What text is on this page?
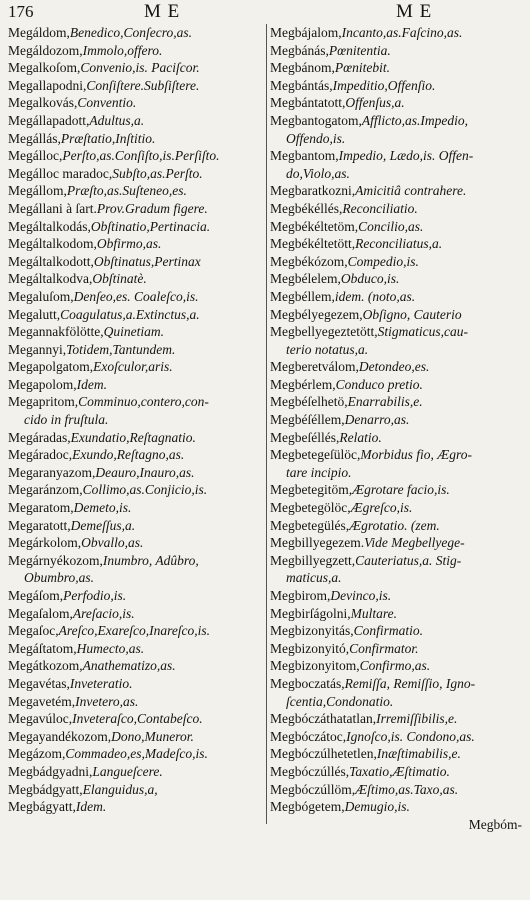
176	M E	M E
Megáldom,Benedico,Conſecro,as.
Megáldozom,Immolo,offero.
Megalkoſom,Convenio,is. Paciſcor.
Megallapodni,Conſiſtere.Subſiſtere.
Megalkovás,Conventio.
Megállapadott,Adultus,a.
Megállás,Præſtatio,Inſtitio.
Megálloc,Perſto,as.Conſiſto,is.Perſiſto.
Megálloc maradoc,Subſto,as.Perſto.
Megállom,Præſto,as.Suſteneo,es.
Megállani à ſart.Prov.Gradum figere.
Megáltalkodás,Obſtinatio,Pertinacia.
Megáltalkodom,Obfirmo,as.
Megáltalkodott,Obſtinatus,Pertinax
Megáltalkodva,Obſtinatè.
Megaluſom,Denſeo,es. Coaleſco,is.
Megalutt,Coagulatus,a.Extinctus,a.
Megannakfölötte,Quinetiam.
Megannyi,Totidem,Tantundem.
Megapolgatom,Exoſculor,aris.
Megapolom,Idem.
Megapritom,Comminuo,contero,con-
cido in fruſtula.
Megáradas,Exundatio,Reſtagnatio.
Megáradoc,Exundo,Reſtagno,as.
Megaranyazom,Deauro,Inauro,as.
Megaránzom,Collimo,as.Conjicio,is.
Megaratom,Demeto,is.
Megaratott,Demeſſus,a.
Megárkolom,Obvallo,as.
Megárnyékozom,Inumbro, Adûbro,
Obumbro,as.
Megáſom,Perfodio,is.
Megaſalom,Areſacio,is.
Megaſoc,Areſco,Exareſco,Inareſco,is.
Megáſtatom,Humecto,as.
Megátkozom,Anathematizo,as.
Megavétas,Inveteratio.
Megavetém,Invetero,as.
Megavúloc,Inveteraſco,Contabeſco.
Megayandékozom,Dono,Muneror.
Megázom,Commadeo,es,Madeſco,is.
Megbádgyadni,Langueſcere.
Megbádgyatt,Elanguidus,a,
Megbágyatt,Idem.
Megbájalom,Incanto,as.Faſcino,as.
Megbánás,Pœnitentia.
Megbánom,Pœnitebit.
Megbántás,Impeditio,Offenſio.
Megbántatott,Offenſus,a.
Megbantogatom,Afflicto,as.Impedio,
Offendo,is.
Megbantom,Impedio, Lædo,is. Offen-
do,Violo,as.
Megbaratkozni,Amicitiâ contrahere.
Megbékéllés,Reconciliatio.
Megbékéltetöm,Concilio,as.
Megbékéltetött,Reconciliatus,a.
Megbékózom,Compedio,is.
Megbélelem,Obduco,is.
Megbéllem,idem. (noto,as.
Megbélyegezem,Obſigno, Cauterio
Megbellyegeztetött,Stigmaticus,cau-
terio notatus,a.
Megberetválom,Detondeo,es.
Megbérlem,Conduco pretio.
Megbéſelhetö,Enarrabilis,e.
Megbéſéllem,Denarro,as.
Megbeſéllés,Relatio.
Megbetegeſülöc,Morbidus fio, Ægro-
tare incipio.
Megbetegitöm,Ægrotare facio,is.
Megbetegölöc,Ægreſco,is.
Megbetegülés,Ægrotatio. (zem.
Megbillyegezem.Vide Megbellyege-
Megbillyegzett,Cauteriatus,a. Stig-
maticus,a.
Megbirom,Devinco,is.
Megbirſágolni,Multare.
Megbizonyitás,Confirmatio.
Megbizonyitó,Confirmator.
Megbizonyitom,Confirmo,as.
Megboczatás,Remiſſa, Remiſſio, Igno-
ſcentia,Condonatio.
Megbóczáthatatlan,Irremiſſibilis,e.
Megbóczátoc,Ignoſco,is. Condono,as.
Megbóczúlhetetlen,Inæſtimabilis,e.
Megbóczúllés,Taxatio,Æſtimatio.
Megbóczúllöm,Æſtimo,as.Taxo,as.
Megbógetem,Demugio,is.
Megbóm-
